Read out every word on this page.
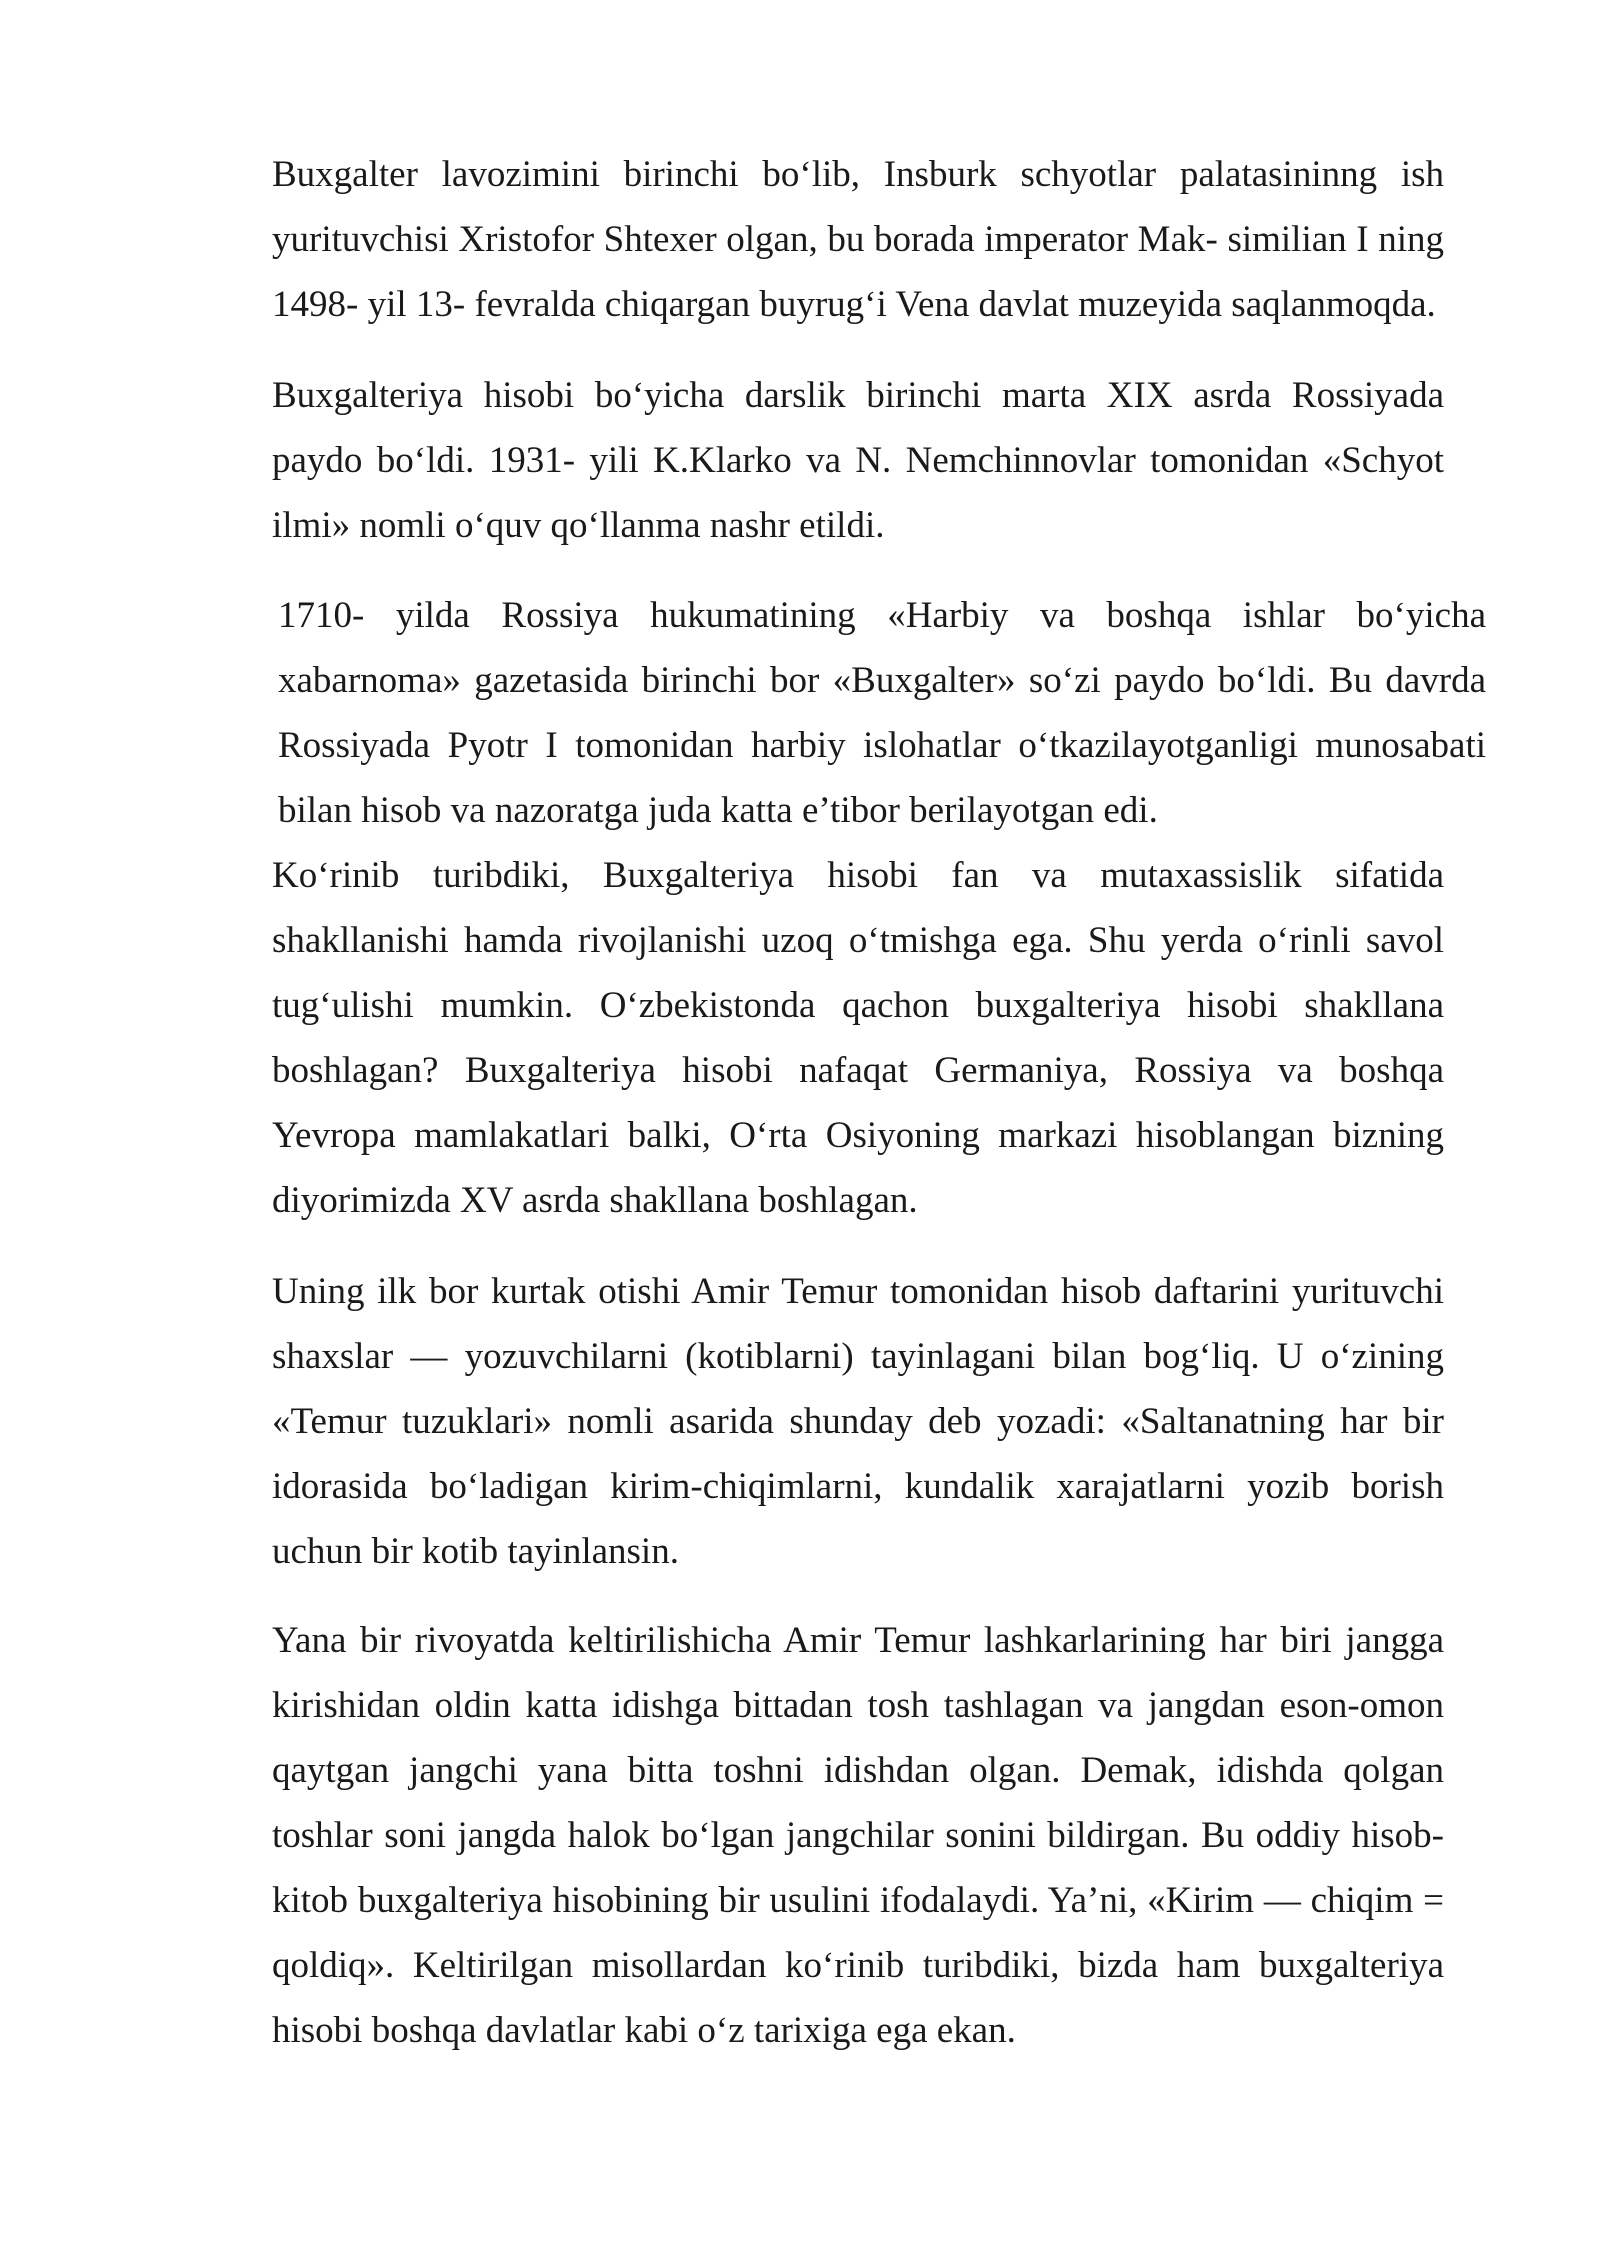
Buxgalter lavozimini birinchi bo‘lib, Insburk schyotlar palatasininng ish yurituvchisi Xristofor Shtexer olgan, bu borada imperator Mak- similian I ning 1498- yil 13- fevralda chiqargan buyrug‘i Vena davlat muzeyida saqlanmoqda.

Buxgalteriya hisobi bo‘yicha darslik birinchi marta XIX asrda Rossiyada paydo bo‘ldi. 1931- yili K.Klarko va N. Nemchinnovlar tomonidan «Schyot ilmi» nomli o‘quv qo‘llanma nashr etildi.

1710- yilda Rossiya hukumatining «Harbiy va boshqa ishlar bo‘yicha xabarnoma» gazetasida birinchi bor «Buxgalter» so‘zi paydo bo‘ldi. Bu davrda Rossiyada Pyotr I tomonidan harbiy islohatlar o‘tkazilayotganligi munosabati bilan hisob va nazoratga juda katta e’tibor berilayotgan edi.

Ko‘rinib turibdiki, Buxgalteriya hisobi fan va mutaxassislik sifatida shakllanishi hamda rivojlanishi uzoq o‘tmishga ega. Shu yerda o‘rinli savol tug‘ulishi mumkin. O‘zbekistonda qachon buxgalteriya hisobi shakllana boshlagan? Buxgalteriya hisobi nafaqat Germaniya, Rossiya va boshqa Yevropa mamlakatlari balki, O‘rta Osiyoning markazi hisoblangan bizning diyorimizda XV asrda shakllana boshlagan.

Uning ilk bor kurtak otishi Amir Temur tomonidan hisob daftarini yurituvchi shaxslar — yozuvchilarni (kotiblarni) tayinlagani bilan bog‘liq. U o‘zining «Temur tuzuklari» nomli asarida shunday deb yozadi: «Saltanatning har bir idorasida bo‘ladigan kirim-chiqimlarni, kundalik xarajatlarni yozib borish uchun bir kotib tayinlansin.

Yana bir rivoyatda keltirilishicha Amir Temur lashkarlarining har biri jangga kirishidan oldin katta idishga bittadan tosh tashlagan va jangdan eson-omon qaytgan jangchi yana bitta toshni idishdan olgan. Demak, idishda qolgan toshlar soni jangda halok bo‘lgan jangchilar sonini bildirgan. Bu oddiy hisob-kitob buxgalteriya hisobining bir usulini ifodalaydi. Ya’ni, «Kirim — chiqim = qoldiq». Keltirilgan misollardan ko‘rinib turibdiki, bizda ham buxgalteriya hisobi boshqa davlatlar kabi o‘z tarixiga ega ekan.
